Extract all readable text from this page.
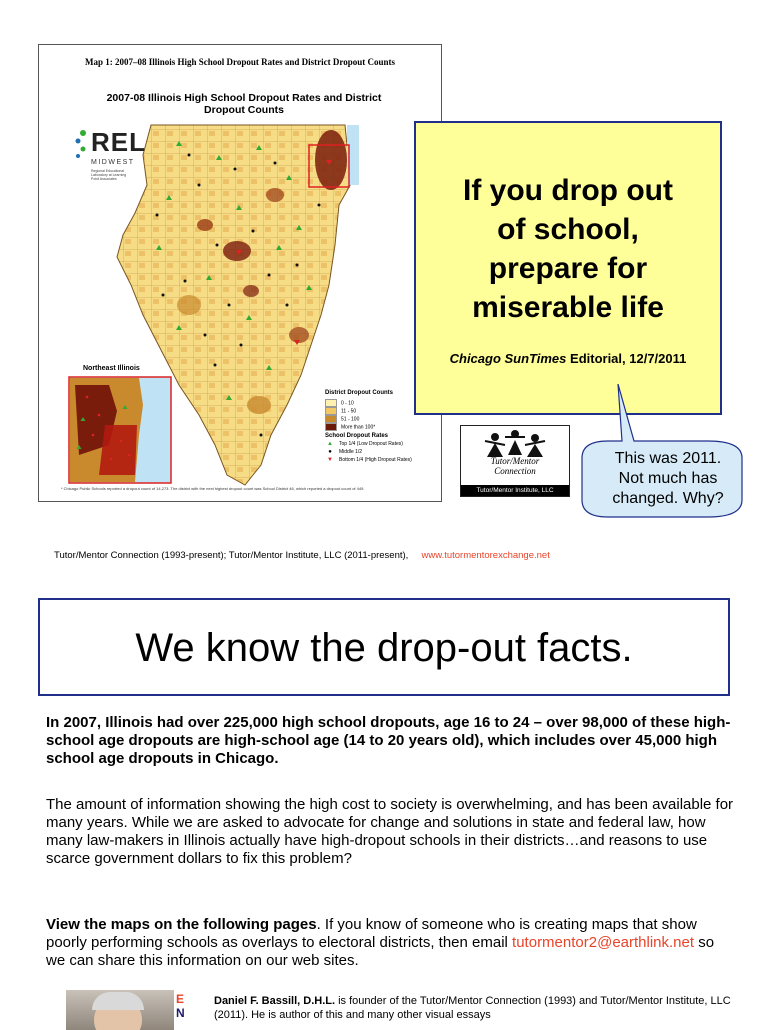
Map 1: 2007–08 Illinois High School Dropout Rates and District Dropout Counts
2007-08 Illinois High School Dropout Rates and District Dropout Counts
REL
MIDWEST
Regional Educational Laboratory at Learning Point Associates
Northeast Illinois
District Dropout Counts
0 - 10
11 - 50
51 - 100
More than 100*
School Dropout Rates
▲ Top 1/4 (Low Dropout Rates)
● Middle 1/2
▼ Bottom 1/4 (High Dropout Rates)
* Chicago Public Schools reported a dropout count of 14,273. The district with the next highest dropout count was School District 46, which reported a dropout count of 449.
If you drop out
of school,
prepare for
miserable life
Chicago SunTimes Editorial, 12/7/2011
This was 2011.
Not much has
changed. Why?
Tutor/Mentor
Connection
Tutor/Mentor Institute, LLC
Tutor/Mentor Connection (1993-present); Tutor/Mentor Institute, LLC (2011-present), www.tutormentorexchange.net
We know the drop-out facts.
In 2007, Illinois had over 225,000 high school dropouts, age 16 to 24 – over 98,000 of these high-school age dropouts are high-school age (14 to 20 years old), which includes over 45,000 high school age dropouts in Chicago.
The amount of information showing the high cost to society is overwhelming, and has been available for many years. While we are asked to advocate for change and solutions in state and federal law, how many law-makers in Illinois actually have high-dropout schools in their districts…and reasons to use scarce government dollars to fix this problem?
View the maps on the following pages. If you know of someone who is creating maps that show poorly performing schools as overlays to electoral districts, then email tutormentor2@earthlink.net so we can share this information on our web sites.
E
N
Daniel F. Bassill, D.H.L. is founder of the Tutor/Mentor Connection (1993) and Tutor/Mentor Institute, LLC (2011). He is author of this and many other visual essays
